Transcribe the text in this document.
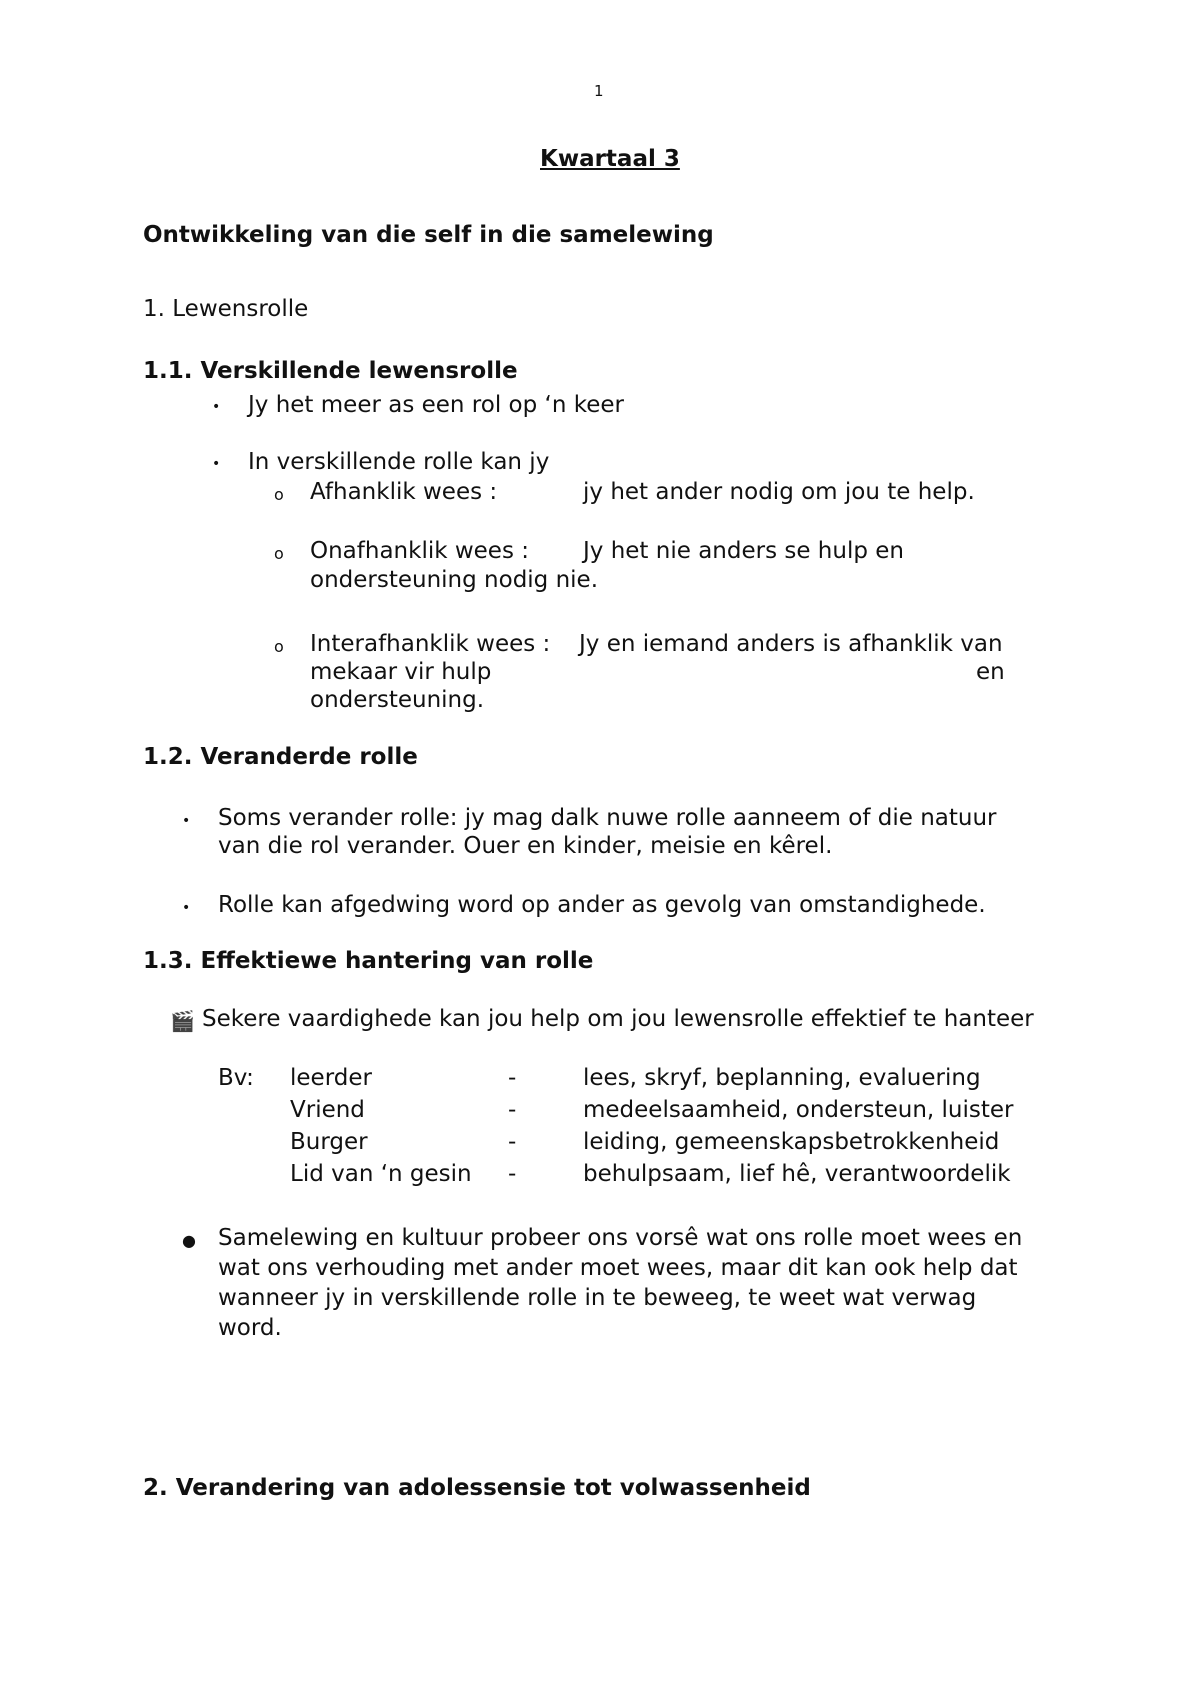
1
Kwartaal 3
Ontwikkeling van die self in die samelewing
1. Lewensrolle
1.1. Verskillende lewensrolle
• Jy het meer as een rol op ‘n keer
• In verskillende rolle kan jy
o Afhanklik wees :	jy het ander nodig om jou te help.
o Onafhanklik wees : Jy het nie anders se hulp en
ondersteuning nodig nie.
o Interafhanklik wees : Jy en iemand anders is afhanklik van
mekaar vir hulp	en
ondersteuning.
1.2. Veranderde rolle
• Soms verander rolle: jy mag dalk nuwe rolle aanneem of die natuur
van die rol verander. Ouer en kinder, meisie en kêrel.
• Rolle kan afgedwing word op ander as gevolg van omstandighede.
1.3. Effektiewe hantering van rolle
🎬 Sekere vaardighede kan jou help om jou lewensrolle effektief te hanteer
Bv: leerder	-	lees, skryf, beplanning, evaluering
Vriend	-	medeelsaamheid, ondersteun, luister
Burger	-	leiding, gemeenskapsbetrokkenheid
Lid van ‘n gesin -	behulpsaam, lief hê, verantwoordelik
● Samelewing en kultuur probeer ons vorsê wat ons rolle moet wees en
wat ons verhouding met ander moet wees, maar dit kan ook help dat
wanneer jy in verskillende rolle in te beweeg, te weet wat verwag
word.
2. Verandering van adolessensie tot volwassenheid
